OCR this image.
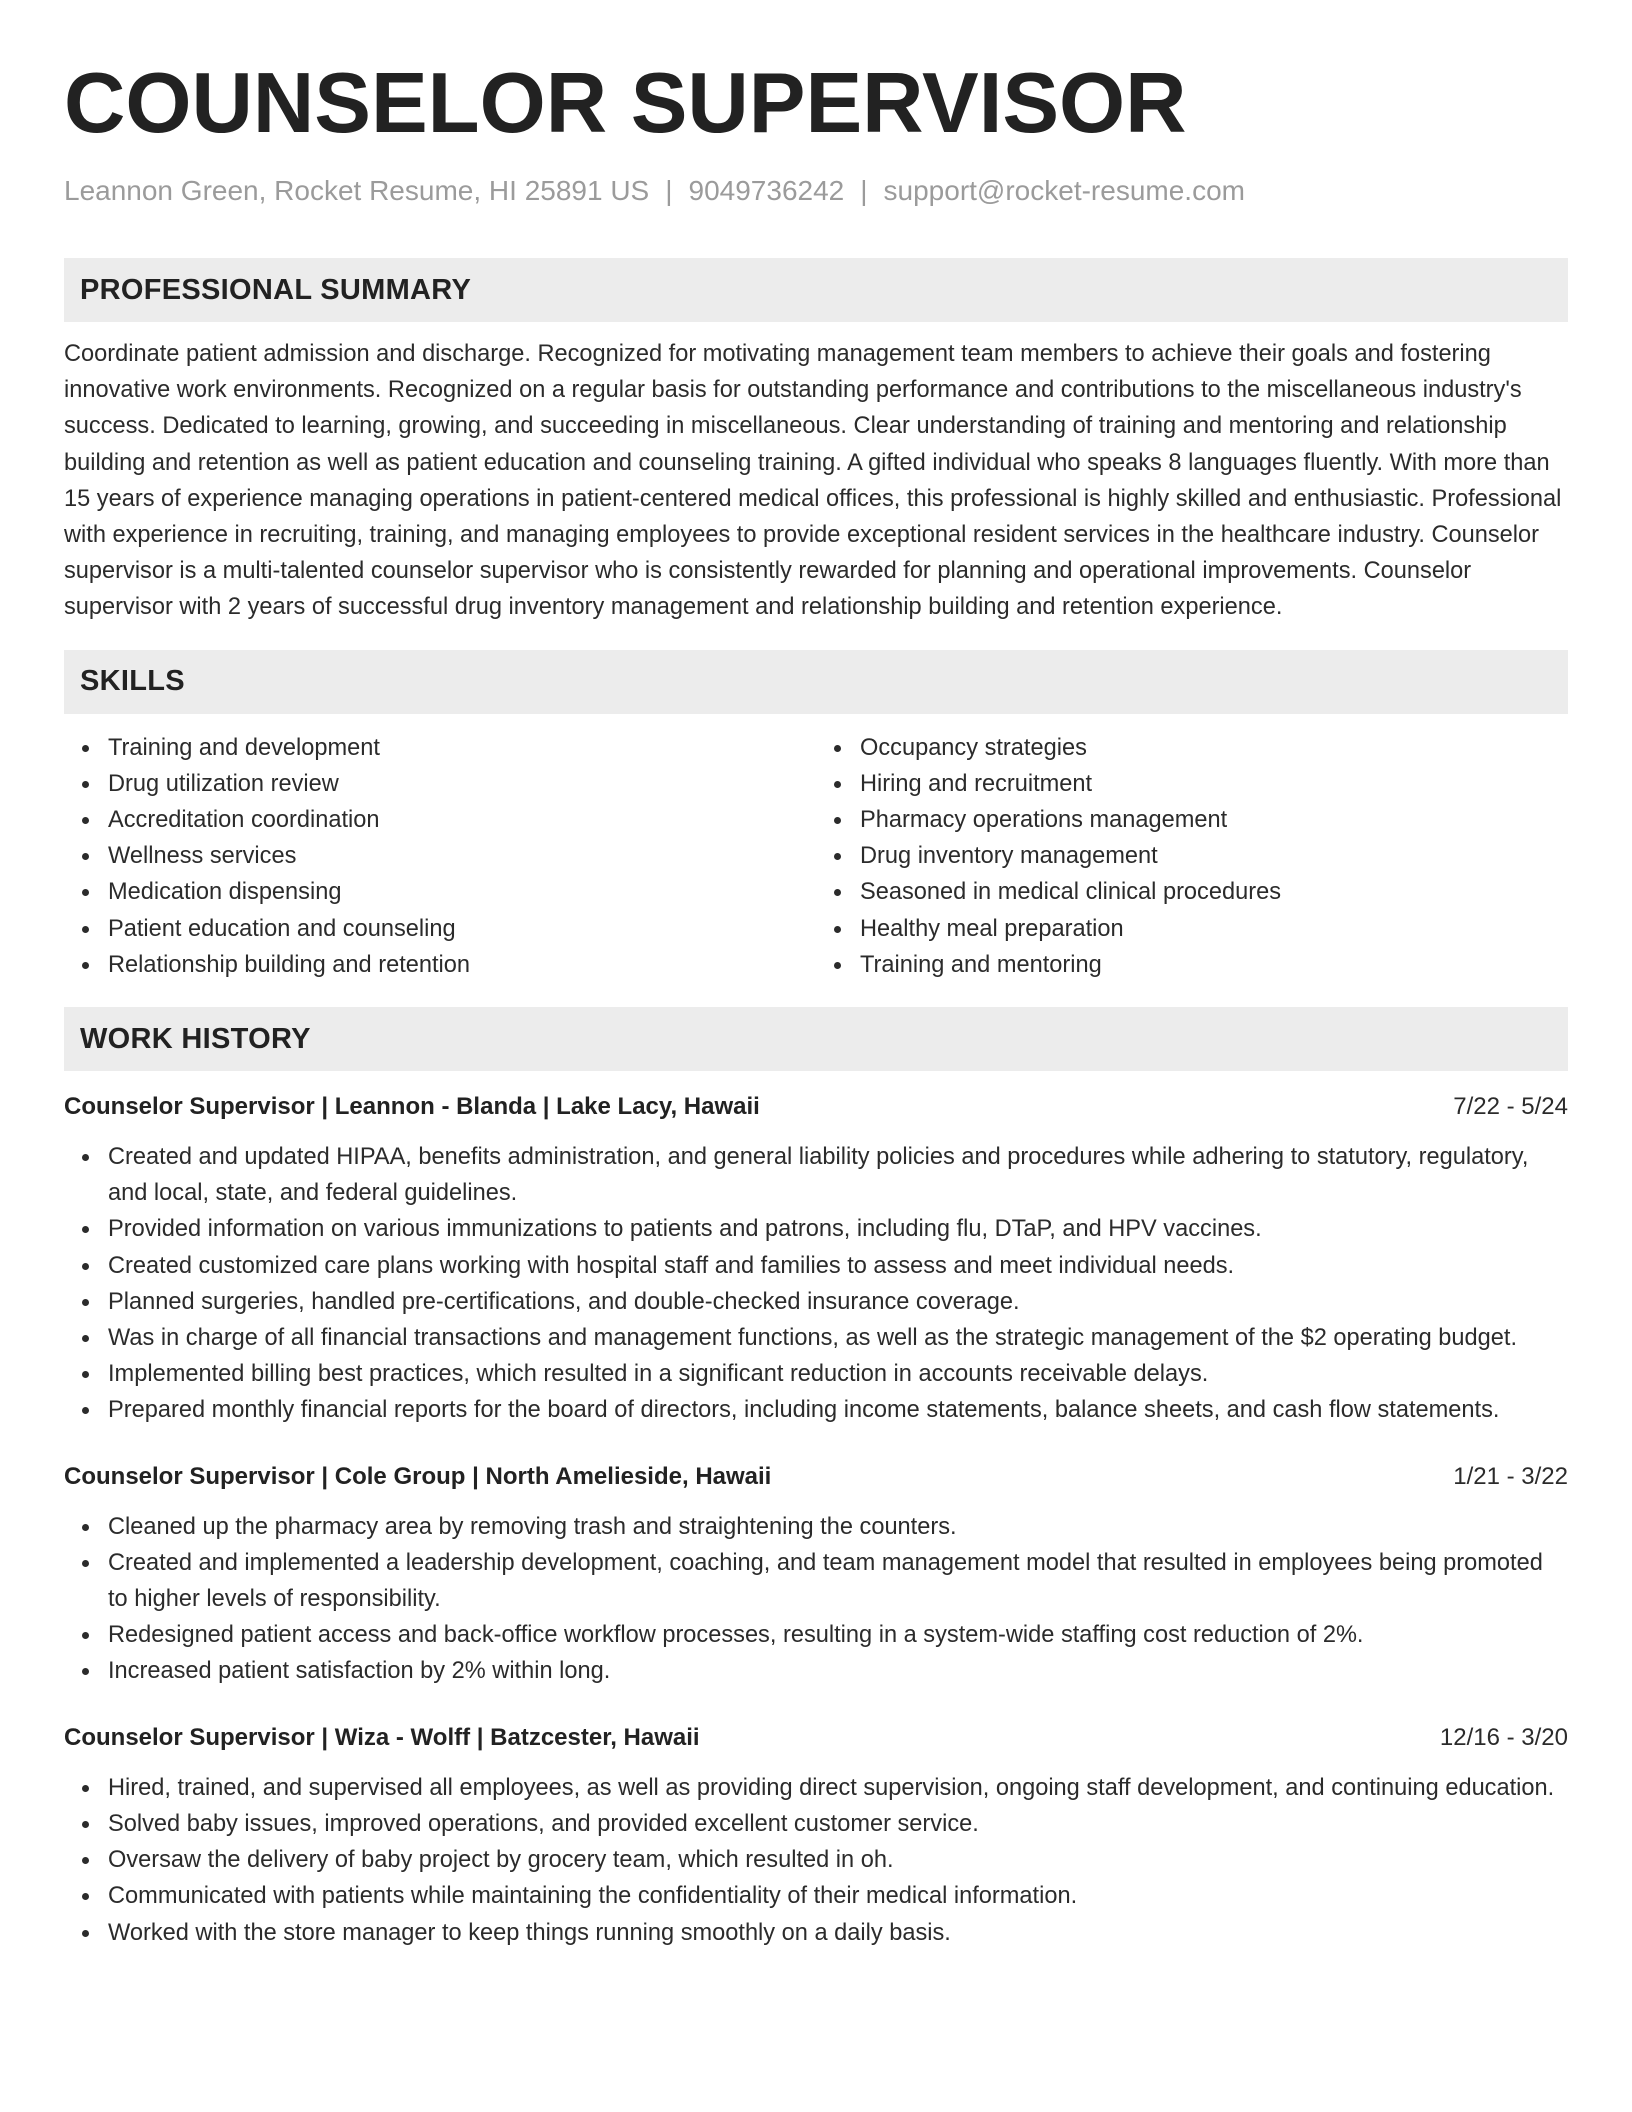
COUNSELOR SUPERVISOR
Leannon Green, Rocket Resume, HI 25891 US | 9049736242 | support@rocket-resume.com
PROFESSIONAL SUMMARY

Coordinate patient admission and discharge. Recognized for motivating management team members to achieve their goals and fostering innovative work environments. Recognized on a regular basis for outstanding performance and contributions to the miscellaneous industry's success. Dedicated to learning, growing, and succeeding in miscellaneous. Clear understanding of training and mentoring and relationship building and retention as well as patient education and counseling training. A gifted individual who speaks 8 languages fluently. With more than 15 years of experience managing operations in patient-centered medical offices, this professional is highly skilled and enthusiastic. Professional with experience in recruiting, training, and managing employees to provide exceptional resident services in the healthcare industry. Counselor supervisor is a multi-talented counselor supervisor who is consistently rewarded for planning and operational improvements. Counselor supervisor with 2 years of successful drug inventory management and relationship building and retention experience.

SKILLS
Training and development
Drug utilization review
Accreditation coordination
Wellness services
Medication dispensing
Patient education and counseling
Relationship building and retention
Occupancy strategies
Hiring and recruitment
Pharmacy operations management
Drug inventory management
Seasoned in medical clinical procedures
Healthy meal preparation
Training and mentoring
WORK HISTORY
Counselor Supervisor | Leannon - Blanda | Lake Lacy, Hawaii	7/22 - 5/24
Created and updated HIPAA, benefits administration, and general liability policies and procedures while adhering to statutory, regulatory, and local, state, and federal guidelines.
Provided information on various immunizations to patients and patrons, including flu, DTaP, and HPV vaccines.
Created customized care plans working with hospital staff and families to assess and meet individual needs.
Planned surgeries, handled pre-certifications, and double-checked insurance coverage.
Was in charge of all financial transactions and management functions, as well as the strategic management of the $2 operating budget.
Implemented billing best practices, which resulted in a significant reduction in accounts receivable delays.
Prepared monthly financial reports for the board of directors, including income statements, balance sheets, and cash flow statements.
Counselor Supervisor | Cole Group | North Amelieside, Hawaii	1/21 - 3/22
Cleaned up the pharmacy area by removing trash and straightening the counters.
Created and implemented a leadership development, coaching, and team management model that resulted in employees being promoted to higher levels of responsibility.
Redesigned patient access and back-office workflow processes, resulting in a system-wide staffing cost reduction of 2%.
Increased patient satisfaction by 2% within long.
Counselor Supervisor | Wiza - Wolff | Batzcester, Hawaii	12/16 - 3/20
Hired, trained, and supervised all employees, as well as providing direct supervision, ongoing staff development, and continuing education.
Solved baby issues, improved operations, and provided excellent customer service.
Oversaw the delivery of baby project by grocery team, which resulted in oh.
Communicated with patients while maintaining the confidentiality of their medical information.
Worked with the store manager to keep things running smoothly on a daily basis.
